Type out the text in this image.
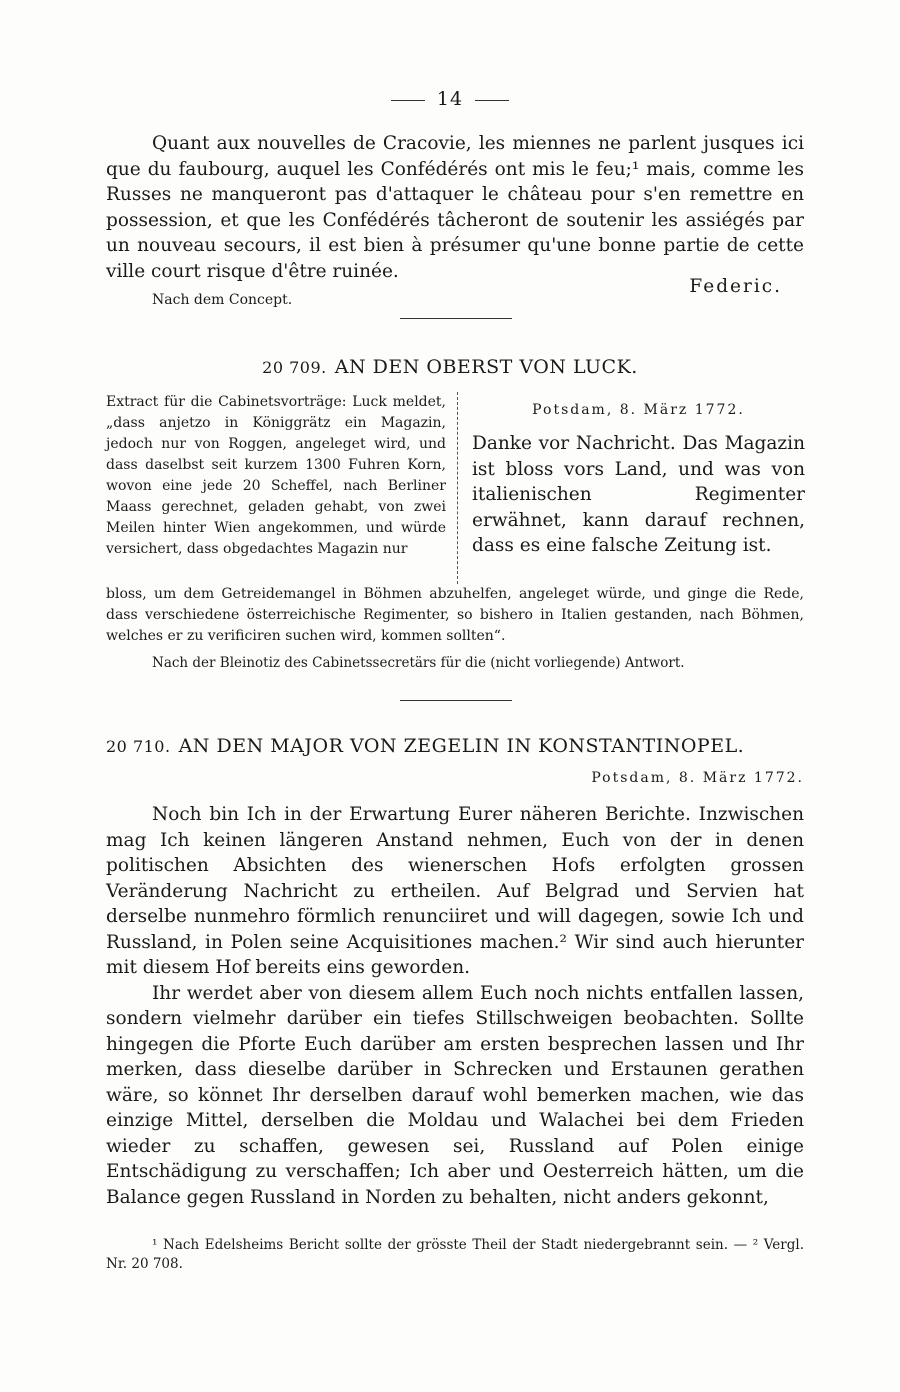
14

Quant aux nouvelles de Cracovie, les miennes ne parlent jusques ici que du faubourg, auquel les Confédérés ont mis le feu;¹ mais, comme les Russes ne manqueront pas d'attaquer le château pour s'en remettre en possession, et que les Confédérés tâcheront de soutenir les assiégés par un nouveau secours, il est bien à présumer qu'une bonne partie de cette ville court risque d'être ruinée.

Federic.
Nach dem Concept.
20 709. AN DEN OBERST VON LUCK.

Extract für die Cabinetsvorträge: Luck meldet, „dass anjetzo in Königgrätz ein Magazin, jedoch nur von Roggen, angeleget wird, und dass daselbst seit kurzem 1300 Fuhren Korn, wovon eine jede 20 Scheffel, nach Berliner Maass gerechnet, geladen gehabt, von zwei Meilen hinter Wien angekommen, und würde versichert, dass obgedachtes Magazin nur

Potsdam, 8. März 1772.

Danke vor Nachricht. Das Magazin ist bloss vors Land, und was von italienischen Regimenter erwähnet, kann darauf rechnen, dass es eine falsche Zeitung ist.

bloss, um dem Getreidemangel in Böhmen abzuhelfen, angeleget würde, und ginge die Rede, dass verschiedene österreichische Regimenter, so bishero in Italien gestanden, nach Böhmen, welches er zu verificiren suchen wird, kommen sollten“.

Nach der Bleinotiz des Cabinetssecretärs für die (nicht vorliegende) Antwort.
20 710. AN DEN MAJOR VON ZEGELIN IN KONSTANTINOPEL.
Potsdam, 8. März 1772.

Noch bin Ich in der Erwartung Eurer näheren Berichte. Inzwischen mag Ich keinen längeren Anstand nehmen, Euch von der in denen politischen Absichten des wienerschen Hofs erfolgten grossen Veränderung Nachricht zu ertheilen. Auf Belgrad und Servien hat derselbe nunmehro förmlich renunciiret und will dagegen, sowie Ich und Russland, in Polen seine Acquisitiones machen.² Wir sind auch hierunter mit diesem Hof bereits eins geworden.

Ihr werdet aber von diesem allem Euch noch nichts entfallen lassen, sondern vielmehr darüber ein tiefes Stillschweigen beobachten. Sollte hingegen die Pforte Euch darüber am ersten besprechen lassen und Ihr merken, dass dieselbe darüber in Schrecken und Erstaunen gerathen wäre, so könnet Ihr derselben darauf wohl bemerken machen, wie das einzige Mittel, derselben die Moldau und Walachei bei dem Frieden wieder zu schaffen, gewesen sei, Russland auf Polen einige Entschädigung zu verschaffen; Ich aber und Oesterreich hätten, um die Balance gegen Russland in Norden zu behalten, nicht anders gekonnt,

¹ Nach Edelsheims Bericht sollte der grösste Theil der Stadt niedergebrannt sein. — ² Vergl. Nr. 20 708.
